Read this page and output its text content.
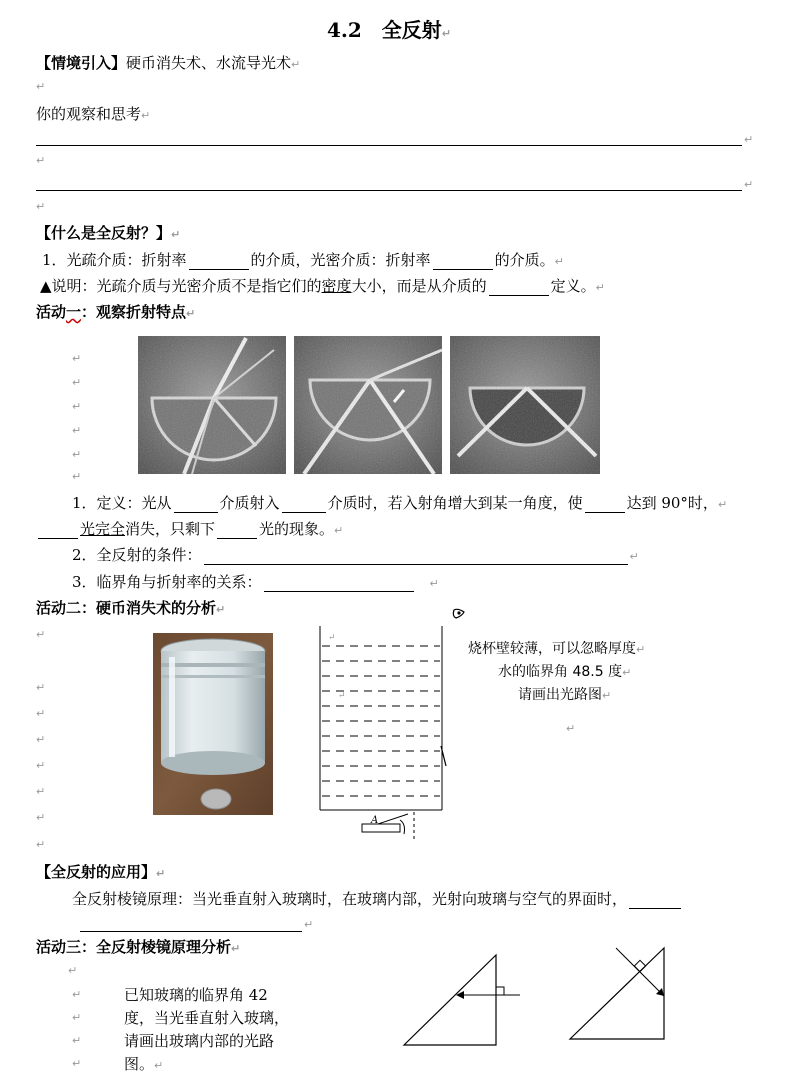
4.2　全反射↵
【情境引入】硬币消失术、水流导光术↵
↵
你的观察和思考↵
↵
↵
↵
↵
【什么是全反射？】↵
1．光疏介质：折射率	的介质，光密介质：折射率	的介质。↵
▲说明：光疏介质与光密介质不是指它们的密度大小，而是从介质的	定义。↵
活动一：观察折射特点↵
↵
↵
↵
↵
↵
↵
1．定义：光从	介质射入	介质时，若入射角增大到某一角度，使	达到 90°时，↵
光完全消失，只剩下	光的现象。↵
2．全反射的条件：	↵
3．临界角与折射率的关系：	↵
活动二：硬币消失术的分析↵
↵
↵
↵
↵
↵
↵
↵
↵
A
↵
↵
烧杯壁较薄，可以忽略厚度↵
水的临界角 48.5 度↵
请画出光路图↵
↵
【全反射的应用】↵
全反射棱镜原理：当光垂直射入玻璃时，在玻璃内部，光射向玻璃与空气的界面时，
↵
活动三：全反射棱镜原理分析↵
↵
↵
↵
↵
↵
已知玻璃的临界角 42
度，当光垂直射入玻璃，
请画出玻璃内部的光路
图。↵
